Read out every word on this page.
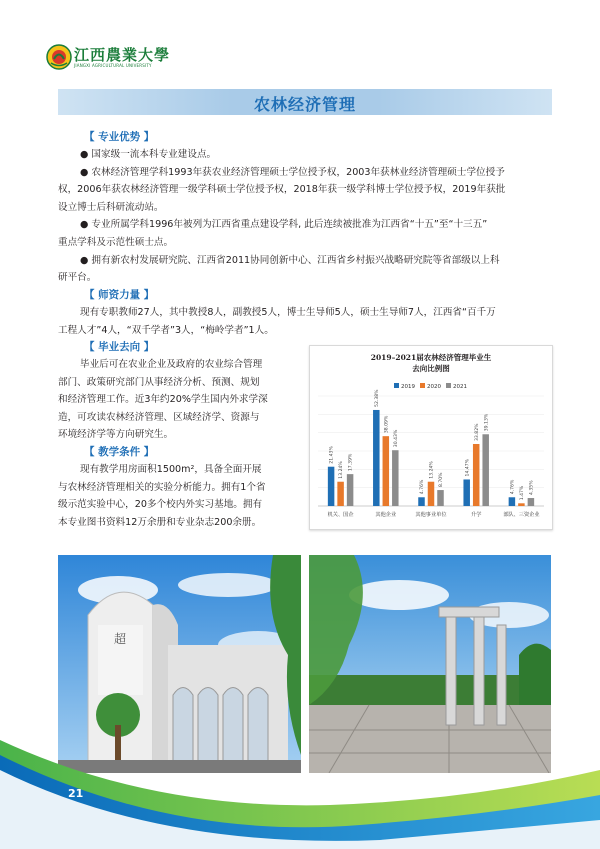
江西農業大學
JIANGXI AGRICULTURAL UNIVERSITY
农林经济管理
【 专业优势 】
● 国家级一流本科专业建设点。
● 农林经济管理学科1993年获农业经济管理硕士学位授予权，2003年获林业经济管理硕士学位授予
权，2006年获农林经济管理一级学科硕士学位授予权，2018年获一级学科博士学位授予权，2019年获批
设立博士后科研流动站。
● 专业所属学科1996年被列为江西省重点建设学科, 此后连续被批准为江西省“十五”至“十三五”
重点学科及示范性硕士点。
● 拥有新农村发展研究院、江西省2011协同创新中心、江西省乡村振兴战略研究院等省部级以上科
研平台。
【 师资力量 】
现有专职教师27人，其中教授8人，副教授5人，博士生导师5人，硕士生导师7人，江西省“百千万
工程人才”4人，“双千学者”3人，“梅岭学者”1人。
【 毕业去向 】
毕业后可在农业企业及政府的农业综合管理
部门、政策研究部门从事经济分析、预测、规划
和经济管理工作。近3年约20%学生国内外求学深
造，可攻读农林经济管理、区域经济学、资源与
环境经济学等方向研究生。
【 教学条件 】
现有教学用房面积1500m²，具备全面开展
与农林经济管理相关的实验分析能力。拥有1个省
级示范实验中心，20多个校内外实习基地。拥有
本专业图书资料12万余册和专业杂志200余册。
2019–2021届农林经济管理毕业生
去向比例图
2019 2020 2021
21.43%
13.24% 17.39%
机关、国企
52.38%
38.09%
30.43%
其他企业
4.76%
13.24%
8.70%
其他事业单位
14.47%
33.82%
39.13%
升学
4.76% 1.47% 4.35%
部队、三资企业
超
21
